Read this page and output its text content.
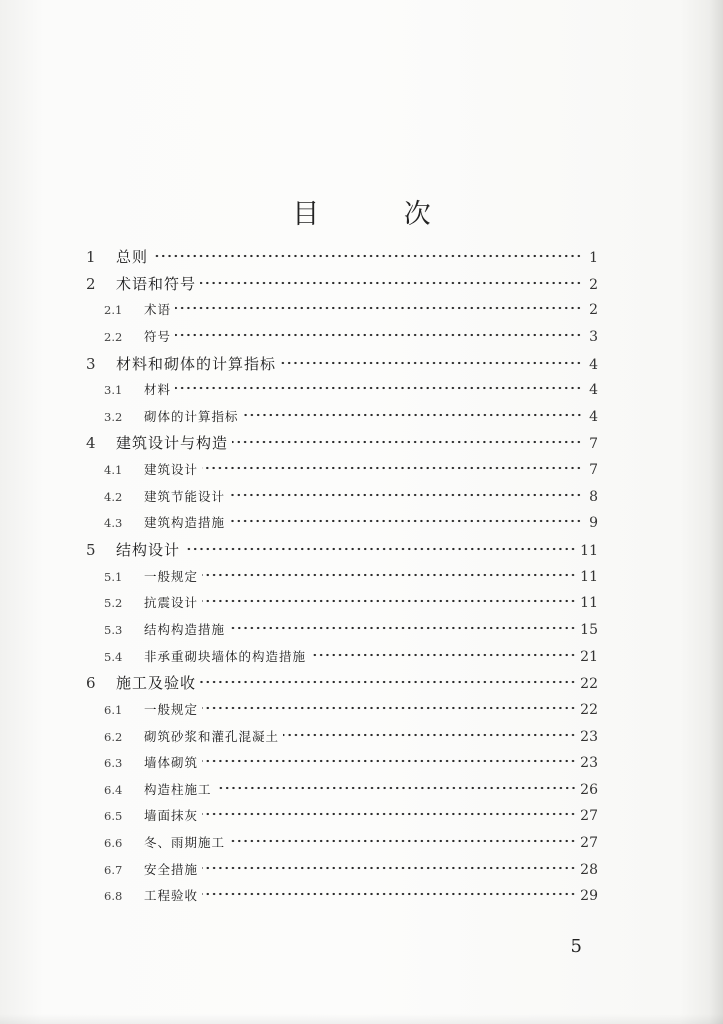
目 次
1	总则	1
2	术语和符号	2
2.1	术语	2
2.2	符号	3
3	材料和砌体的计算指标	4
3.1	材料	4
3.2	砌体的计算指标	4
4	建筑设计与构造	7
4.1	建筑设计	7
4.2	建筑节能设计	8
4.3	建筑构造措施	9
5	结构设计	11
5.1	一般规定	11
5.2	抗震设计	11
5.3	结构构造措施	15
5.4	非承重砌块墙体的构造措施	21
6	施工及验收	22
6.1	一般规定	22
6.2	砌筑砂浆和灌孔混凝土	23
6.3	墙体砌筑	23
6.4	构造柱施工	26
6.5	墙面抹灰	27
6.6	冬、雨期施工	27
6.7	安全措施	28
6.8	工程验收	29
5
